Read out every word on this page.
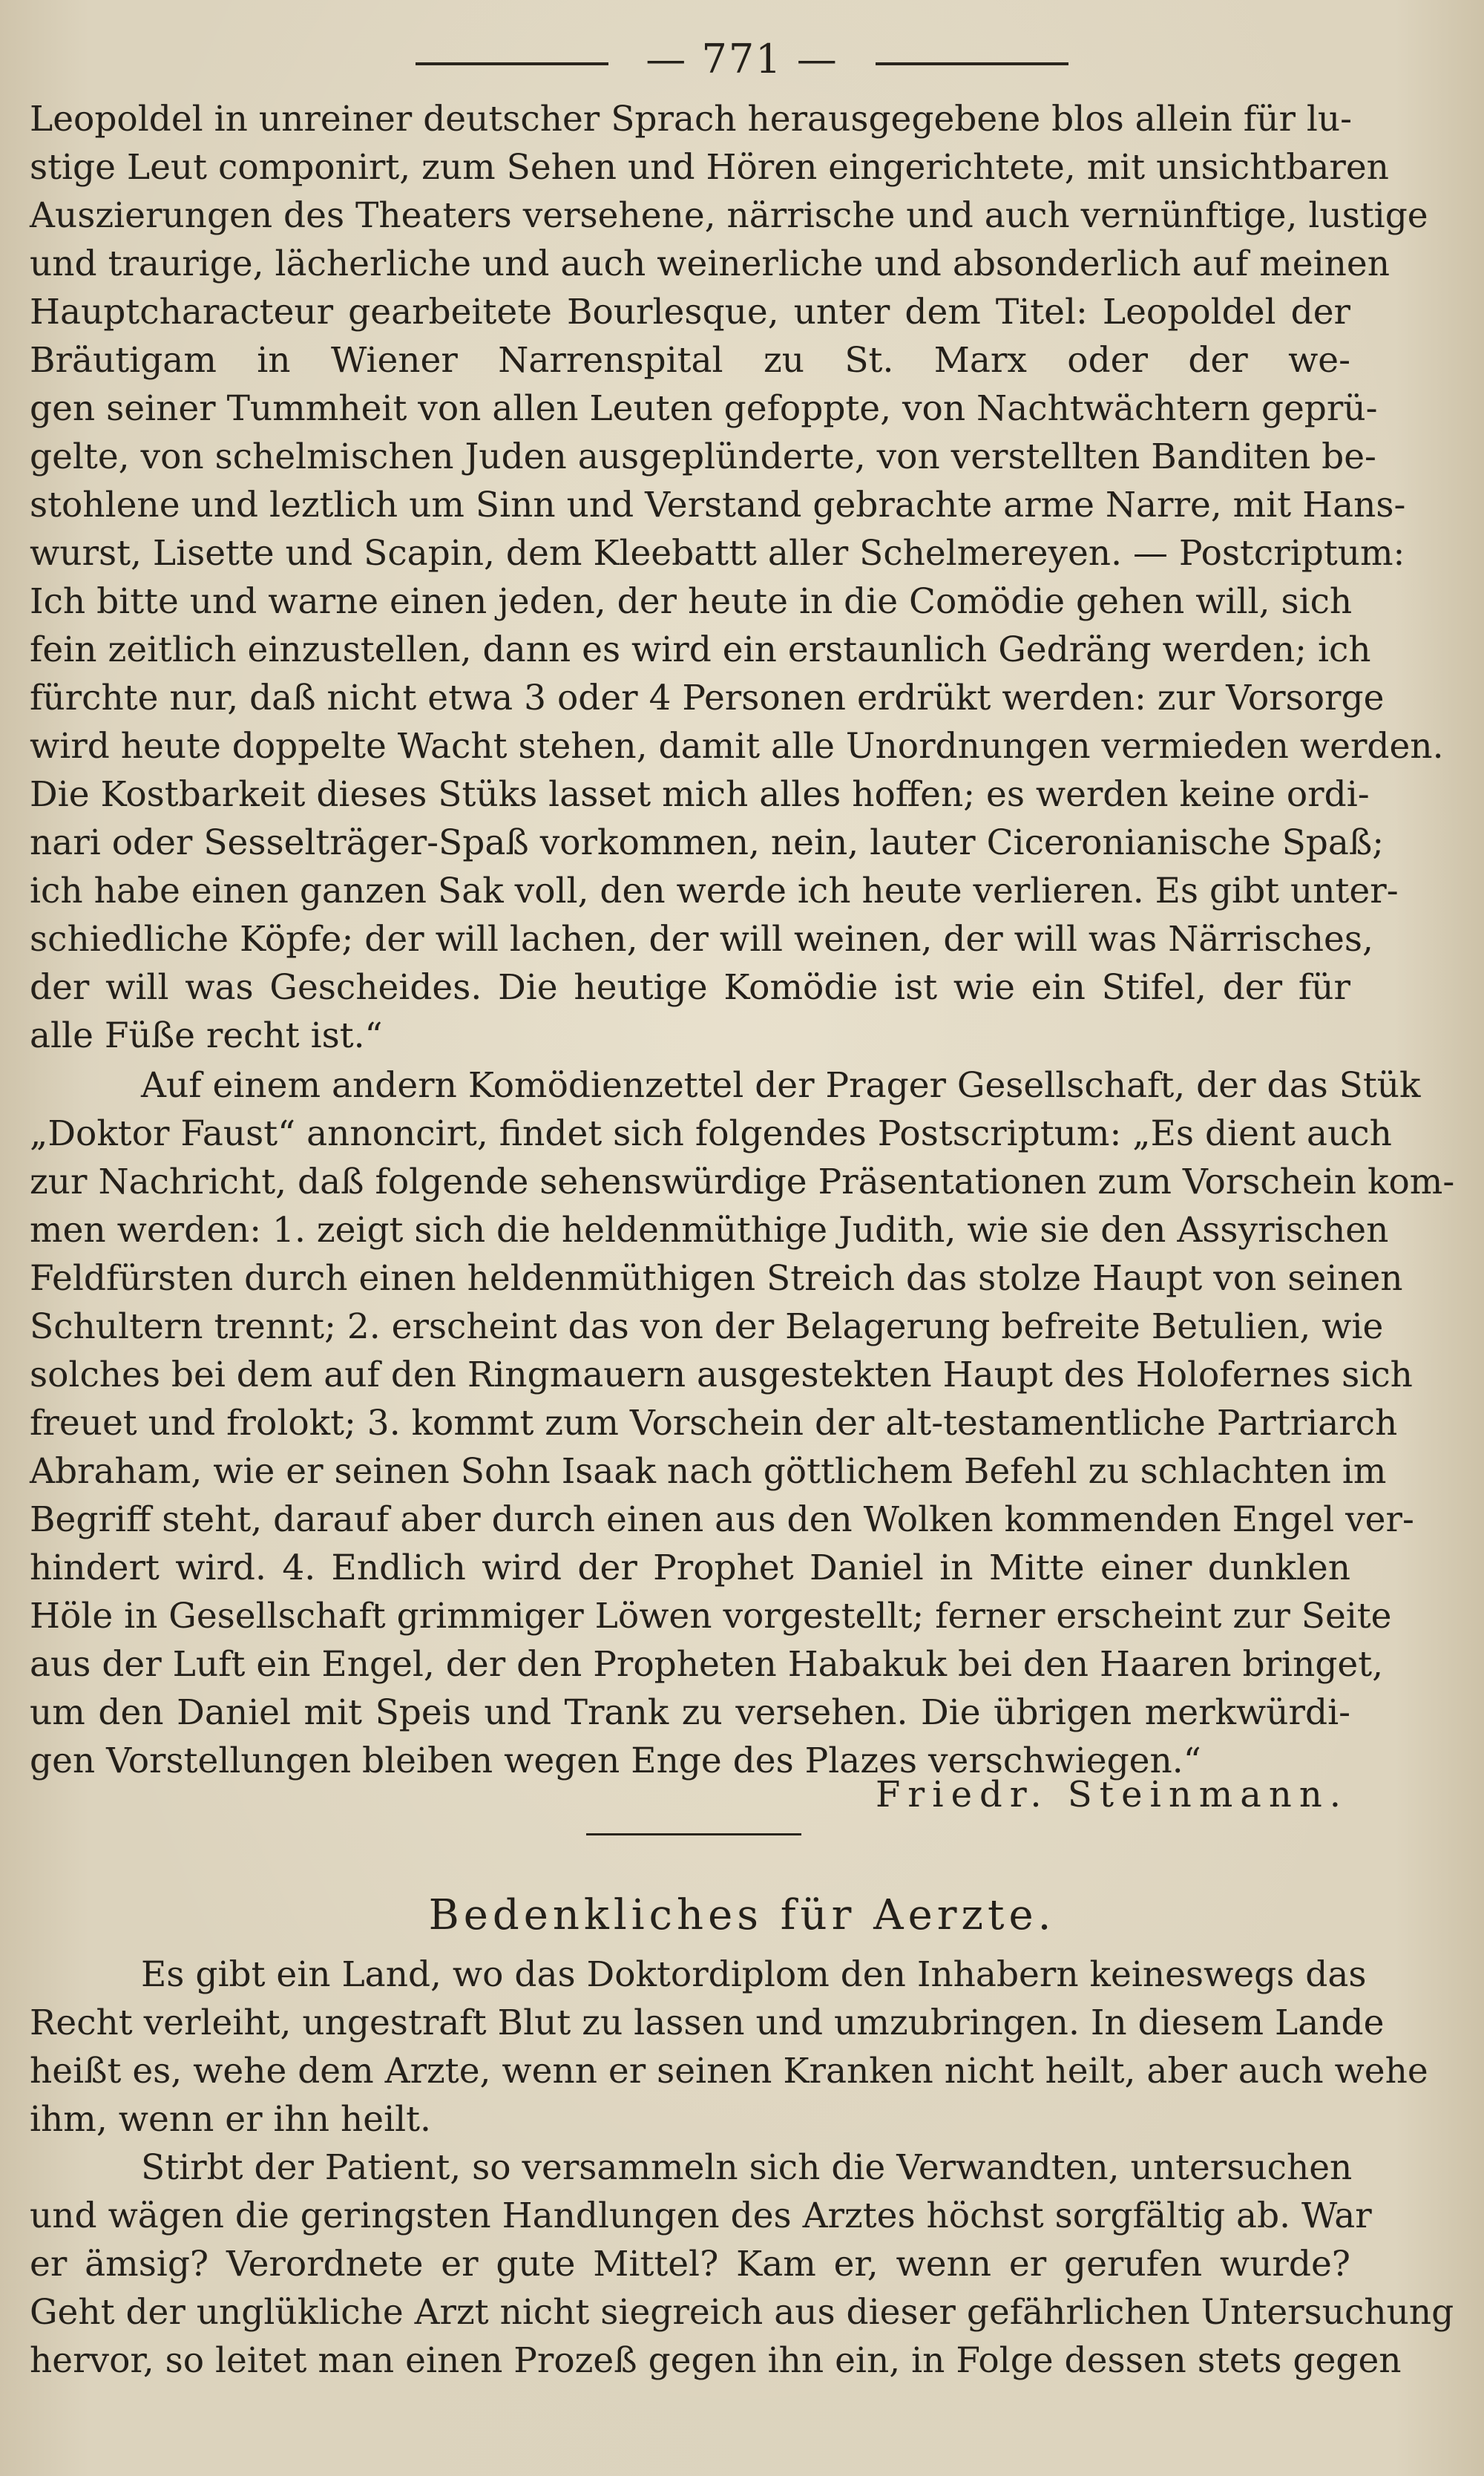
— 771 —
Leopoldel in unreiner deutscher Sprach herausgegebene blos allein für lu-
stige Leut componirt, zum Sehen und Hören eingerichtete, mit unsichtbaren
Auszierungen des Theaters versehene, närrische und auch vernünftige, lustige
und traurige, lächerliche und auch weinerliche und absonderlich auf meinen
Hauptcharacteur gearbeitete Bourlesque, unter dem Titel: Leopoldel der
Bräutigam in Wiener Narrenspital zu St. Marx oder der we-
gen seiner Tummheit von allen Leuten gefoppte, von Nachtwächtern geprü-
gelte, von schelmischen Juden ausgeplünderte, von verstellten Banditen be-
stohlene und leztlich um Sinn und Verstand gebrachte arme Narre, mit Hans-
wurst, Lisette und Scapin, dem Kleebattt aller Schelmereyen. — Postcriptum:
Ich bitte und warne einen jeden, der heute in die Comödie gehen will, sich
fein zeitlich einzustellen, dann es wird ein erstaunlich Gedräng werden; ich
fürchte nur, daß nicht etwa 3 oder 4 Personen erdrükt werden: zur Vorsorge
wird heute doppelte Wacht stehen, damit alle Unordnungen vermieden werden.
Die Kostbarkeit dieses Stüks lasset mich alles hoffen; es werden keine ordi-
nari oder Sesselträger-Spaß vorkommen, nein, lauter Ciceronianische Spaß;
ich habe einen ganzen Sak voll, den werde ich heute verlieren. Es gibt unter-
schiedliche Köpfe; der will lachen, der will weinen, der will was Närrisches,
der will was Gescheides. Die heutige Komödie ist wie ein Stifel, der für
alle Füße recht ist.“
Auf einem andern Komödienzettel der Prager Gesellschaft, der das Stük
„Doktor Faust“ annoncirt, findet sich folgendes Postscriptum: „Es dient auch
zur Nachricht, daß folgende sehenswürdige Präsentationen zum Vorschein kom-
men werden: 1. zeigt sich die heldenmüthige Judith, wie sie den Assyrischen
Feldfürsten durch einen heldenmüthigen Streich das stolze Haupt von seinen
Schultern trennt; 2. erscheint das von der Belagerung befreite Betulien, wie
solches bei dem auf den Ringmauern ausgestekten Haupt des Holofernes sich
freuet und frolokt; 3. kommt zum Vorschein der alt-testamentliche Partriarch
Abraham, wie er seinen Sohn Isaak nach göttlichem Befehl zu schlachten im
Begriff steht, darauf aber durch einen aus den Wolken kommenden Engel ver-
hindert wird. 4. Endlich wird der Prophet Daniel in Mitte einer dunklen
Höle in Gesellschaft grimmiger Löwen vorgestellt; ferner erscheint zur Seite
aus der Luft ein Engel, der den Propheten Habakuk bei den Haaren bringet,
um den Daniel mit Speis und Trank zu versehen. Die übrigen merkwürdi-
gen Vorstellungen bleiben wegen Enge des Plazes verschwiegen.“
Friedr. Steinmann.
Bedenkliches für Aerzte.
Es gibt ein Land, wo das Doktordiplom den Inhabern keineswegs das
Recht verleiht, ungestraft Blut zu lassen und umzubringen. In diesem Lande
heißt es, wehe dem Arzte, wenn er seinen Kranken nicht heilt, aber auch wehe
ihm, wenn er ihn heilt.
Stirbt der Patient, so versammeln sich die Verwandten, untersuchen
und wägen die geringsten Handlungen des Arztes höchst sorgfältig ab. War
er ämsig? Verordnete er gute Mittel? Kam er, wenn er gerufen wurde?
Geht der unglükliche Arzt nicht siegreich aus dieser gefährlichen Untersuchung
hervor, so leitet man einen Prozeß gegen ihn ein, in Folge dessen stets gegen
